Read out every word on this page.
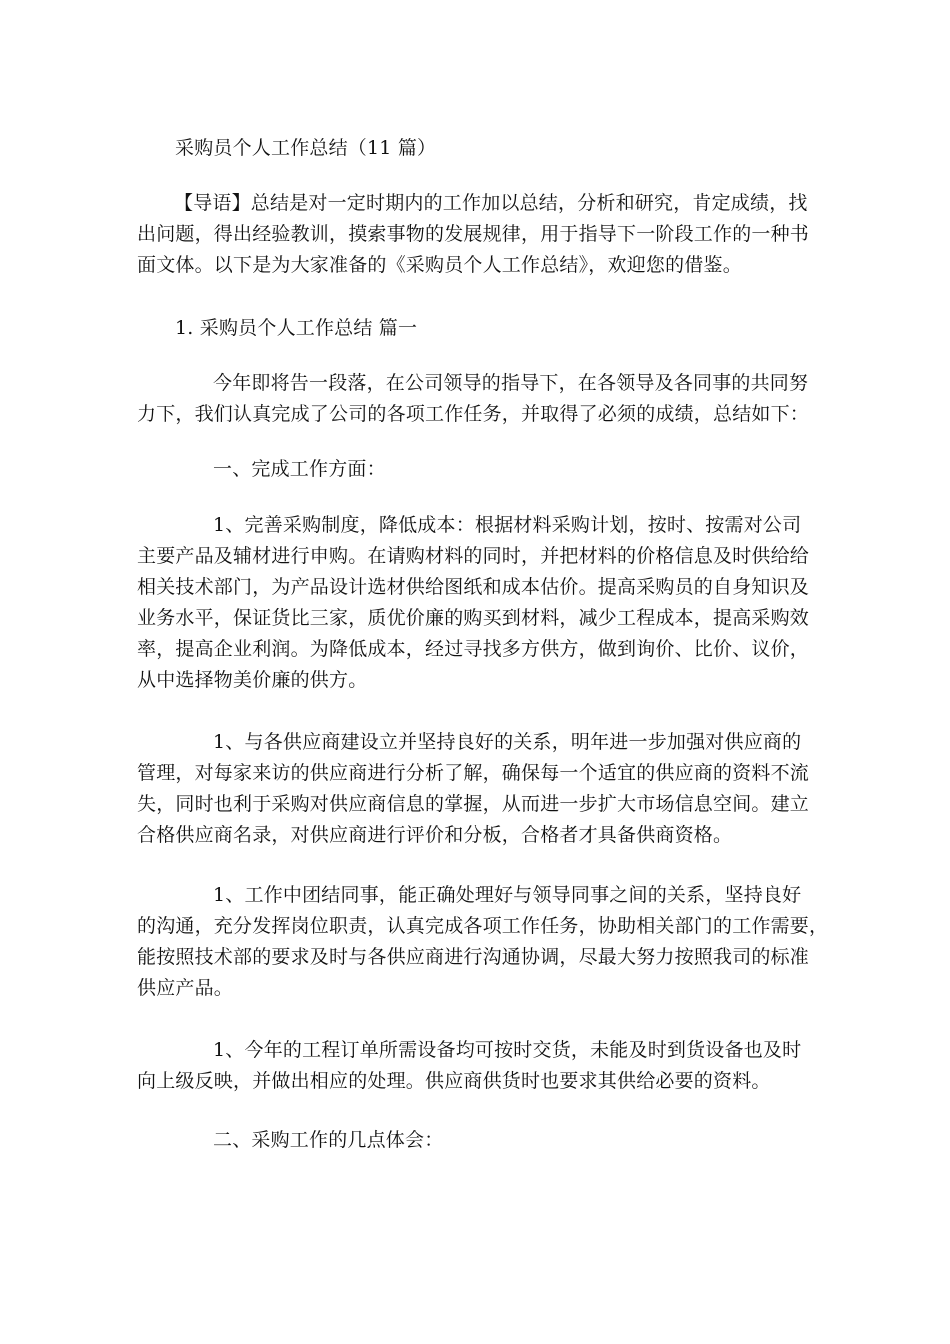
采购员个人工作总结（11 篇）

【导语】总结是对一定时期内的工作加以总结，分析和研究，肯定成绩，找
出问题，得出经验教训，摸索事物的发展规律，用于指导下一阶段工作的一种书
面文体。以下是为大家准备的《采购员个人工作总结》，欢迎您的借鉴。

1. 采购员个人工作总结 篇一

今年即将告一段落，在公司领导的指导下，在各领导及各同事的共同努
力下，我们认真完成了公司的各项工作任务，并取得了必须的成绩，总结如下：

一、完成工作方面：

1、完善采购制度，降低成本：根据材料采购计划，按时、按需对公司
主要产品及辅材进行申购。在请购材料的同时，并把材料的价格信息及时供给给
相关技术部门，为产品设计选材供给图纸和成本估价。提高采购员的自身知识及
业务水平，保证货比三家，质优价廉的购买到材料，减少工程成本，提高采购效
率，提高企业利润。为降低成本，经过寻找多方供方，做到询价、比价、议价，
从中选择物美价廉的供方。

1、与各供应商建设立并坚持良好的关系，明年进一步加强对供应商的
管理，对每家来访的供应商进行分析了解，确保每一个适宜的供应商的资料不流
失，同时也利于采购对供应商信息的掌握，从而进一步扩大市场信息空间。建立
合格供应商名录，对供应商进行评价和分板，合格者才具备供商资格。

1、工作中团结同事，能正确处理好与领导同事之间的关系，坚持良好
的沟通，充分发挥岗位职责，认真完成各项工作任务，协助相关部门的工作需要，
能按照技术部的要求及时与各供应商进行沟通协调，尽最大努力按照我司的标准
供应产品。

1、今年的工程订单所需设备均可按时交货，未能及时到货设备也及时
向上级反映，并做出相应的处理。供应商供货时也要求其供给必要的资料。

二、采购工作的几点体会：
